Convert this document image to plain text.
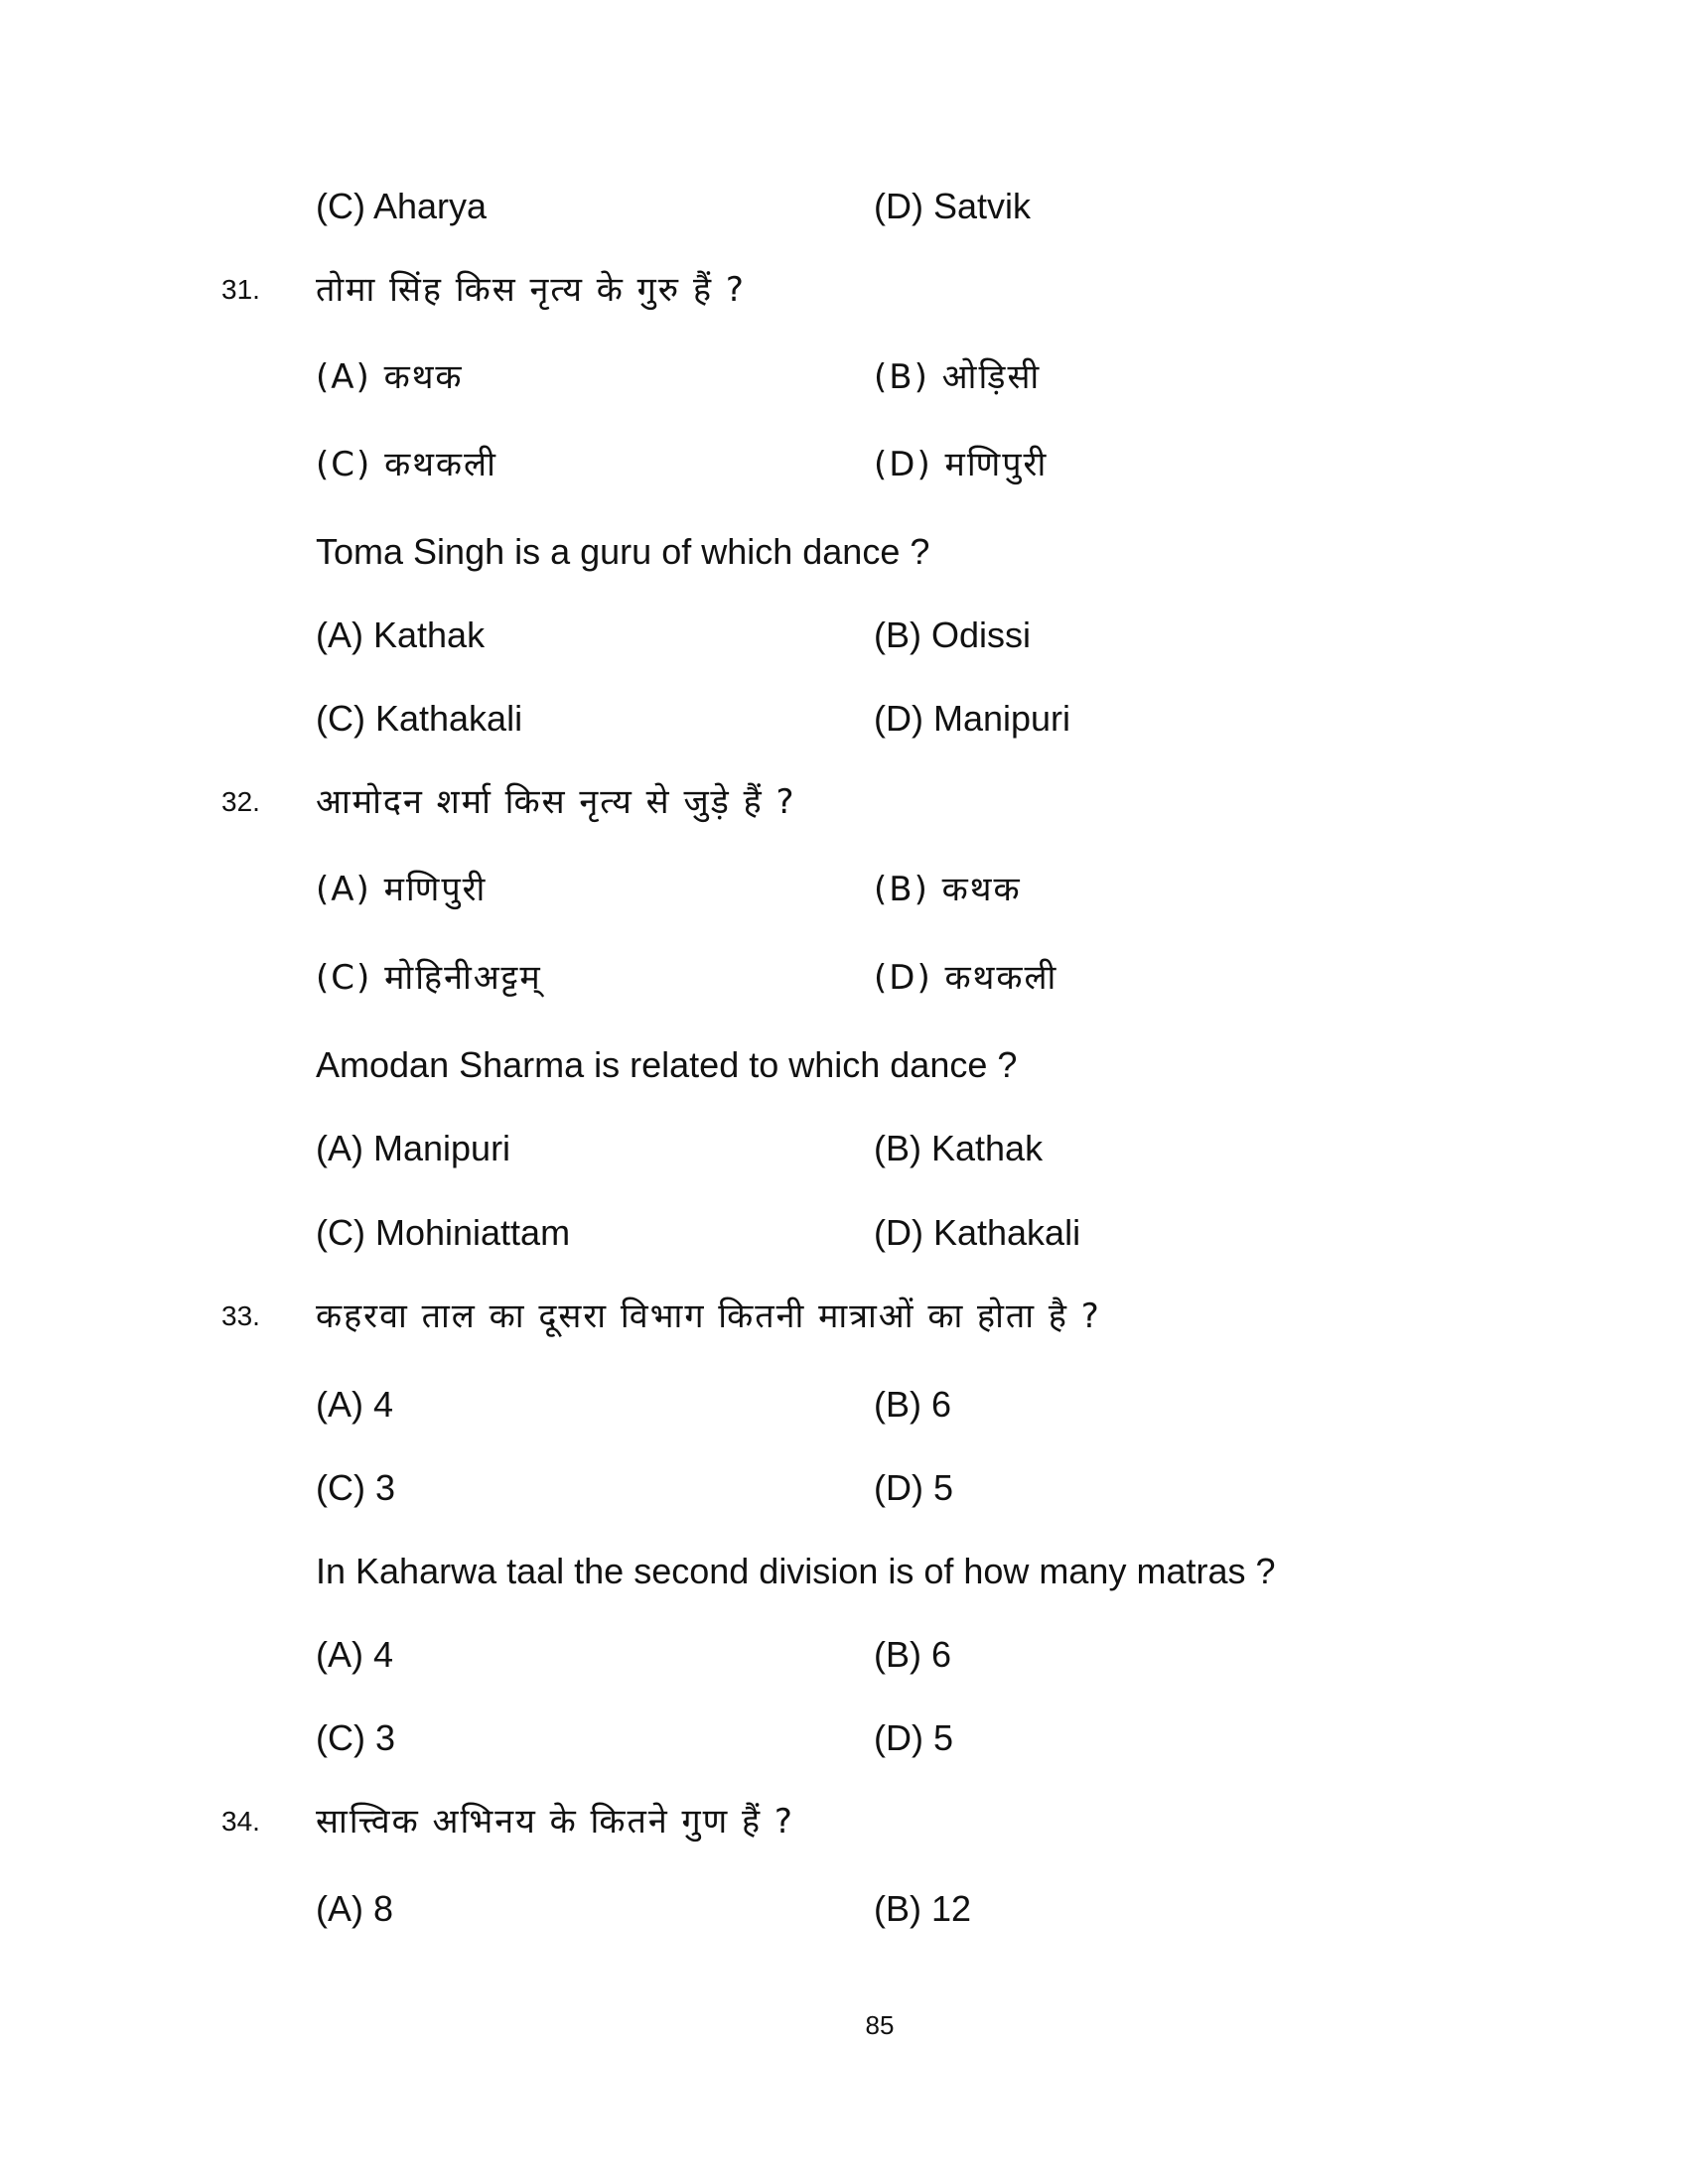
(C) Aharya	(D) Satvik
31. तोमा सिंह किस नृत्य के गुरु हैं ?
(A) कथक	(B) ओड़िसी
(C) कथकली	(D) मणिपुरी
Toma Singh is a guru of which dance ?
(A) Kathak	(B) Odissi
(C) Kathakali	(D) Manipuri
32. आमोदन शर्मा किस नृत्य से जुड़े हैं ?
(A) मणिपुरी	(B) कथक
(C) मोहिनीअट्टम्	(D) कथकली
Amodan Sharma is related to which dance ?
(A) Manipuri	(B) Kathak
(C) Mohiniattam	(D) Kathakali
33. कहरवा ताल का दूसरा विभाग कितनी मात्राओं का होता है ?
(A) 4	(B) 6
(C) 3	(D) 5
In Kaharwa taal the second division is of how many matras ?
(A) 4	(B) 6
(C) 3	(D) 5
34. सात्त्विक अभिनय के कितने गुण हैं ?
(A) 8	(B) 12
85
